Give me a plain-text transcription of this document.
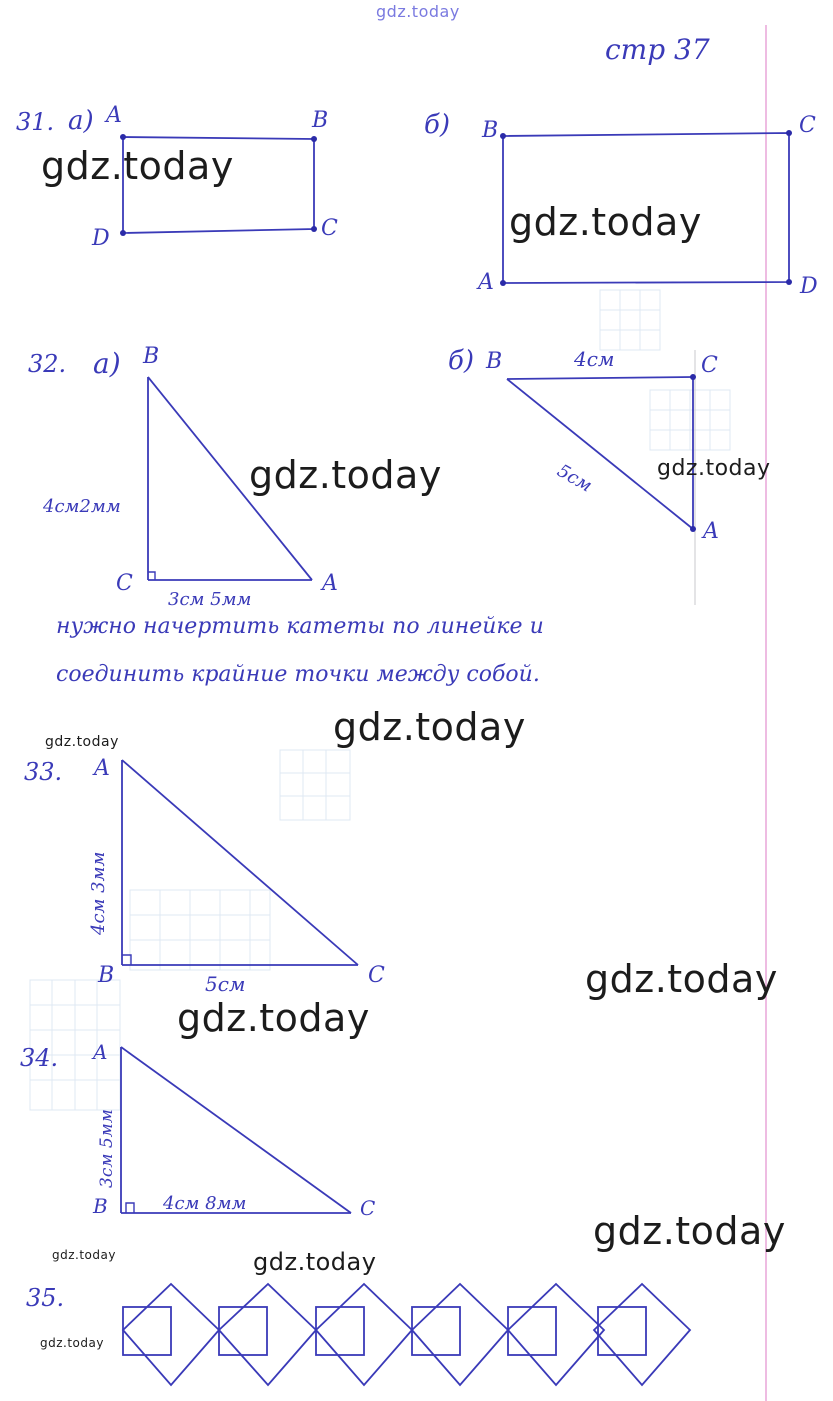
gdz.today
gdz.today
gdz.today
gdz.today	gdz.today
gdz.today
gdz.today
gdz.today
gdz.today
gdz.today
gdz.today	gdz.today
gdz.today
стр 37
31. а) A	B
C
D
б) B	C
A	D
32. а) B
C	A
4см2мм
3см 5мм
б) B	C
A
4см
5см
нужно начертить катеты по линейке и
соединить крайние точки между собой.
33. A
B	C
4см 3мм
5см
34. A
B	C
3см 5мм
4см 8мм
35.
